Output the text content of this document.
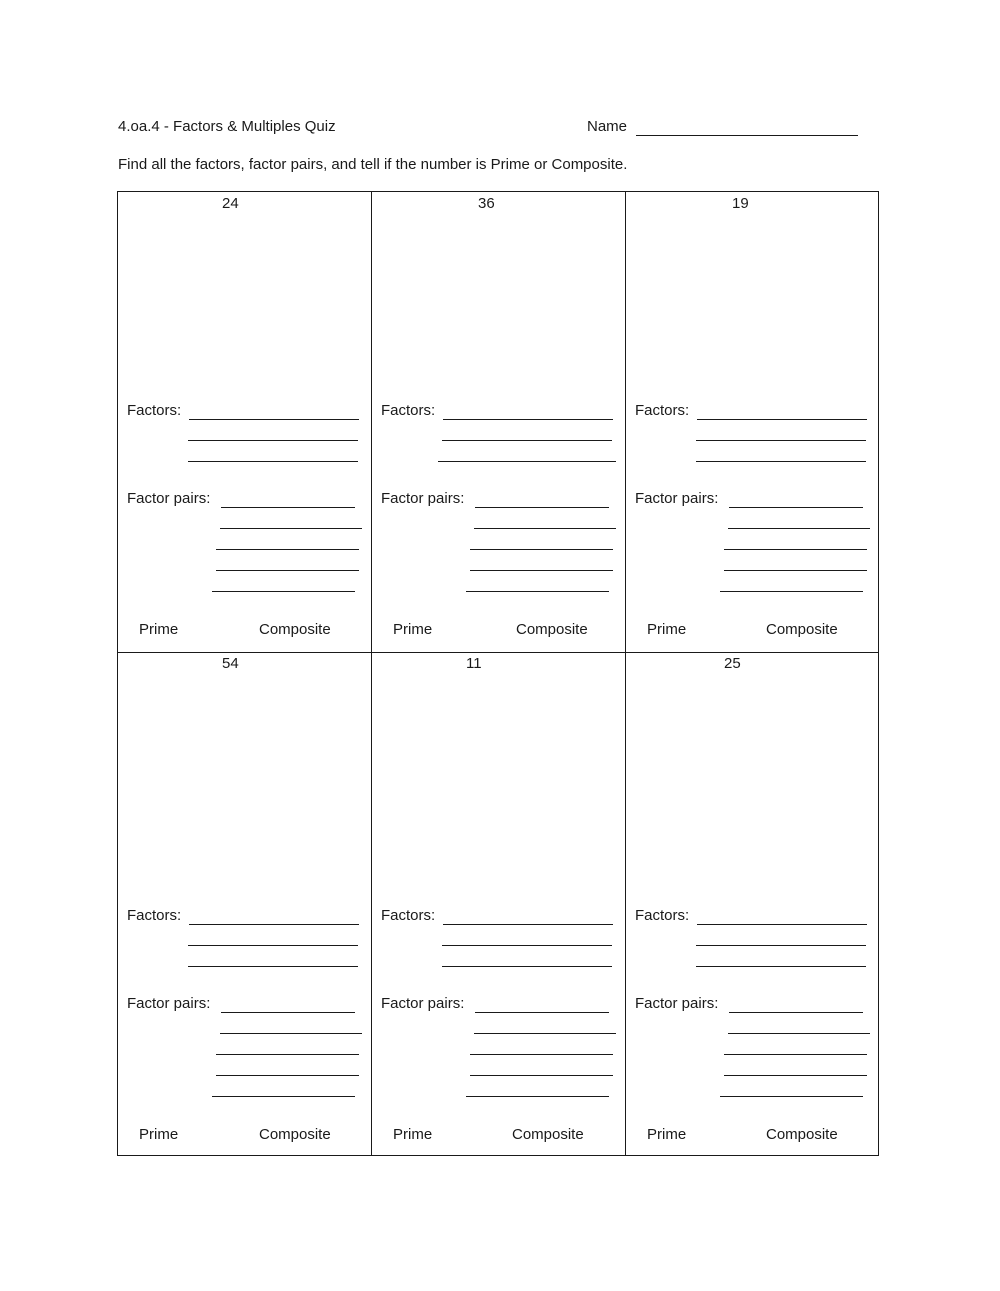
4.oa.4 - Factors & Multiples Quiz	Name
Find all the factors, factor pairs, and tell if the number is Prime or Composite.
24
Factors:
Factor pairs:
Prime	Composite
36
Factors:
Factor pairs:
Prime	Composite
19
Factors:
Factor pairs:
Prime	Composite
54
Factors:
Factor pairs:
Prime	Composite
11
Factors:
Factor pairs:
Prime	Composite
25
Factors:
Factor pairs:
Prime	Composite
